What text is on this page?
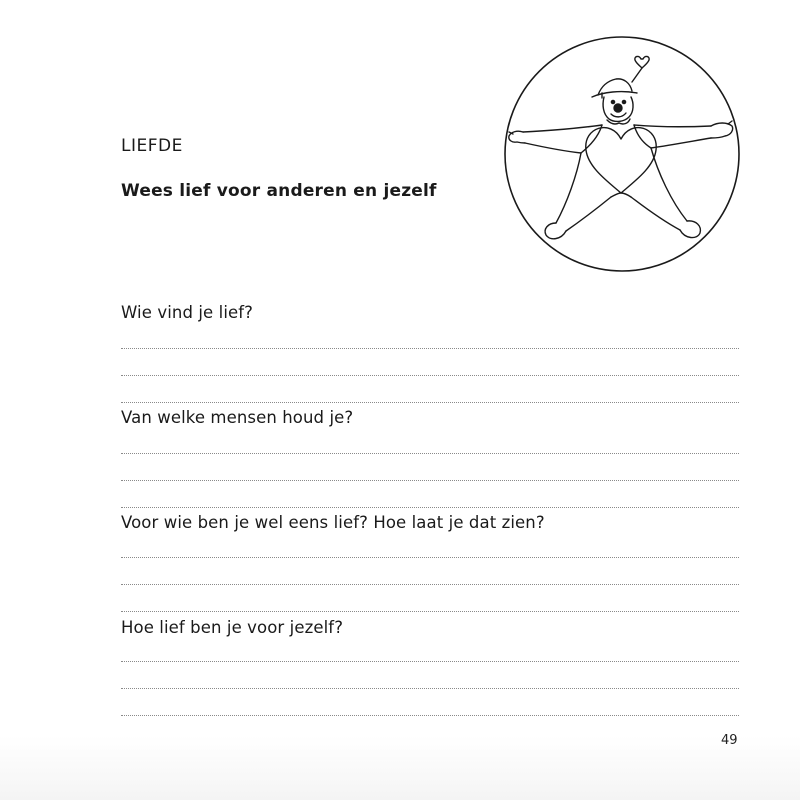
LIEFDE
Wees lief voor anderen en jezelf
Wie vind je lief?
Van welke mensen houd je?
Voor wie ben je wel eens lief? Hoe laat je dat zien?
Hoe lief ben je voor jezelf?
49
